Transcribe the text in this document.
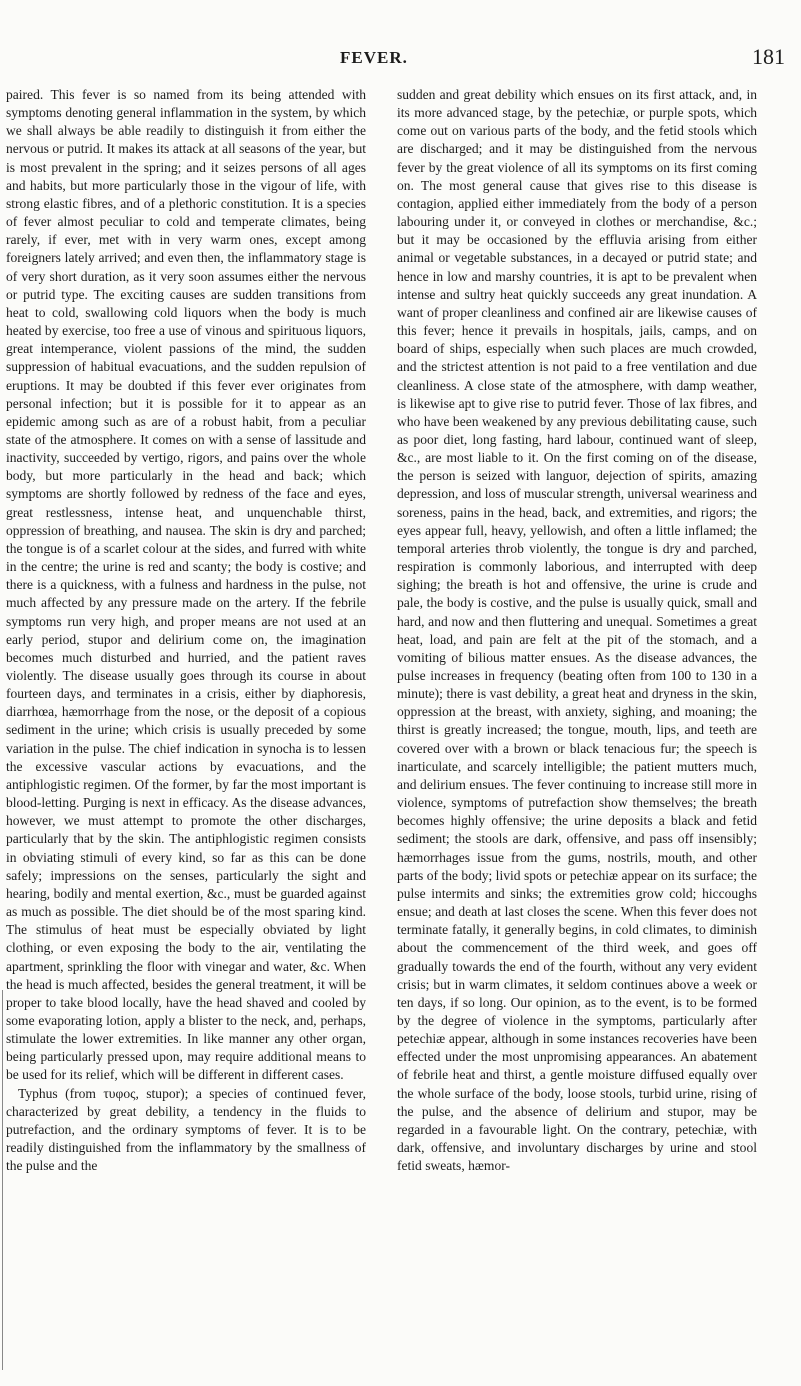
FEVER.	181

paired. This fever is so named from its being attended with symptoms denoting general inflammation in the system, by which we shall always be able readily to distinguish it from either the nervous or putrid. It makes its attack at all seasons of the year, but is most prevalent in the spring; and it seizes persons of all ages and habits, but more particularly those in the vigour of life, with strong elastic fibres, and of a plethoric constitution. It is a species of fever almost peculiar to cold and temperate climates, being rarely, if ever, met with in very warm ones, except among foreigners lately arrived; and even then, the inflammatory stage is of very short duration, as it very soon assumes either the nervous or putrid type. The exciting causes are sudden transitions from heat to cold, swallowing cold liquors when the body is much heated by exercise, too free a use of vinous and spirituous liquors, great intemperance, violent passions of the mind, the sudden suppression of habitual evacuations, and the sudden repulsion of eruptions. It may be doubted if this fever ever originates from personal infection; but it is possible for it to appear as an epidemic among such as are of a robust habit, from a peculiar state of the atmosphere. It comes on with a sense of lassitude and inactivity, succeeded by vertigo, rigors, and pains over the whole body, but more particularly in the head and back; which symptoms are shortly followed by redness of the face and eyes, great restlessness, intense heat, and unquenchable thirst, oppression of breathing, and nausea. The skin is dry and parched; the tongue is of a scarlet colour at the sides, and furred with white in the centre; the urine is red and scanty; the body is costive; and there is a quickness, with a fulness and hardness in the pulse, not much affected by any pressure made on the artery. If the febrile symptoms run very high, and proper means are not used at an early period, stupor and delirium come on, the imagination becomes much disturbed and hurried, and the patient raves violently. The disease usually goes through its course in about fourteen days, and terminates in a crisis, either by diaphoresis, diarrhœa, hæmorrhage from the nose, or the deposit of a copious sediment in the urine; which crisis is usually preceded by some variation in the pulse. The chief indication in synocha is to lessen the excessive vascular actions by evacuations, and the antiphlogistic regimen. Of the former, by far the most important is blood-letting. Purging is next in efficacy. As the disease advances, however, we must attempt to promote the other discharges, particularly that by the skin. The antiphlogistic regimen consists in obviating stimuli of every kind, so far as this can be done safely; impressions on the senses, particularly the sight and hearing, bodily and mental exertion, &c., must be guarded against as much as possible. The diet should be of the most sparing kind. The stimulus of heat must be especially obviated by light clothing, or even exposing the body to the air, ventilating the apartment, sprinkling the floor with vinegar and water, &c. When the head is much affected, besides the general treatment, it will be proper to take blood locally, have the head shaved and cooled by some evaporating lotion, apply a blister to the neck, and, perhaps, stimulate the lower extremities. In like manner any other organ, being particularly pressed upon, may require additional means to be used for its relief, which will be different in different cases.

Typhus (from τυφος, stupor); a species of continued fever, characterized by great debility, a tendency in the fluids to putrefaction, and the ordinary symptoms of fever. It is to be readily distinguished from the inflammatory by the smallness of the pulse and the

sudden and great debility which ensues on its first attack, and, in its more advanced stage, by the petechiæ, or purple spots, which come out on various parts of the body, and the fetid stools which are discharged; and it may be distinguished from the nervous fever by the great violence of all its symptoms on its first coming on. The most general cause that gives rise to this disease is contagion, applied either immediately from the body of a person labouring under it, or conveyed in clothes or merchandise, &c.; but it may be occasioned by the effluvia arising from either animal or vegetable substances, in a decayed or putrid state; and hence in low and marshy countries, it is apt to be prevalent when intense and sultry heat quickly succeeds any great inundation. A want of proper cleanliness and confined air are likewise causes of this fever; hence it prevails in hospitals, jails, camps, and on board of ships, especially when such places are much crowded, and the strictest attention is not paid to a free ventilation and due cleanliness. A close state of the atmosphere, with damp weather, is likewise apt to give rise to putrid fever. Those of lax fibres, and who have been weakened by any previous debilitating cause, such as poor diet, long fasting, hard labour, continued want of sleep, &c., are most liable to it. On the first coming on of the disease, the person is seized with languor, dejection of spirits, amazing depression, and loss of muscular strength, universal weariness and soreness, pains in the head, back, and extremities, and rigors; the eyes appear full, heavy, yellowish, and often a little inflamed; the temporal arteries throb violently, the tongue is dry and parched, respiration is commonly laborious, and interrupted with deep sighing; the breath is hot and offensive, the urine is crude and pale, the body is costive, and the pulse is usually quick, small and hard, and now and then fluttering and unequal. Sometimes a great heat, load, and pain are felt at the pit of the stomach, and a vomiting of bilious matter ensues. As the disease advances, the pulse increases in frequency (beating often from 100 to 130 in a minute); there is vast debility, a great heat and dryness in the skin, oppression at the breast, with anxiety, sighing, and moaning; the thirst is greatly increased; the tongue, mouth, lips, and teeth are covered over with a brown or black tenacious fur; the speech is inarticulate, and scarcely intelligible; the patient mutters much, and delirium ensues. The fever continuing to increase still more in violence, symptoms of putrefaction show themselves; the breath becomes highly offensive; the urine deposits a black and fetid sediment; the stools are dark, offensive, and pass off insensibly; hæmorrhages issue from the gums, nostrils, mouth, and other parts of the body; livid spots or petechiæ appear on its surface; the pulse intermits and sinks; the extremities grow cold; hiccoughs ensue; and death at last closes the scene. When this fever does not terminate fatally, it generally begins, in cold climates, to diminish about the commencement of the third week, and goes off gradually towards the end of the fourth, without any very evident crisis; but in warm climates, it seldom continues above a week or ten days, if so long. Our opinion, as to the event, is to be formed by the degree of violence in the symptoms, particularly after petechiæ appear, although in some instances recoveries have been effected under the most unpromising appearances. An abatement of febrile heat and thirst, a gentle moisture diffused equally over the whole surface of the body, loose stools, turbid urine, rising of the pulse, and the absence of delirium and stupor, may be regarded in a favourable light. On the contrary, petechiæ, with dark, offensive, and involuntary discharges by urine and stool fetid sweats, hæmor-
